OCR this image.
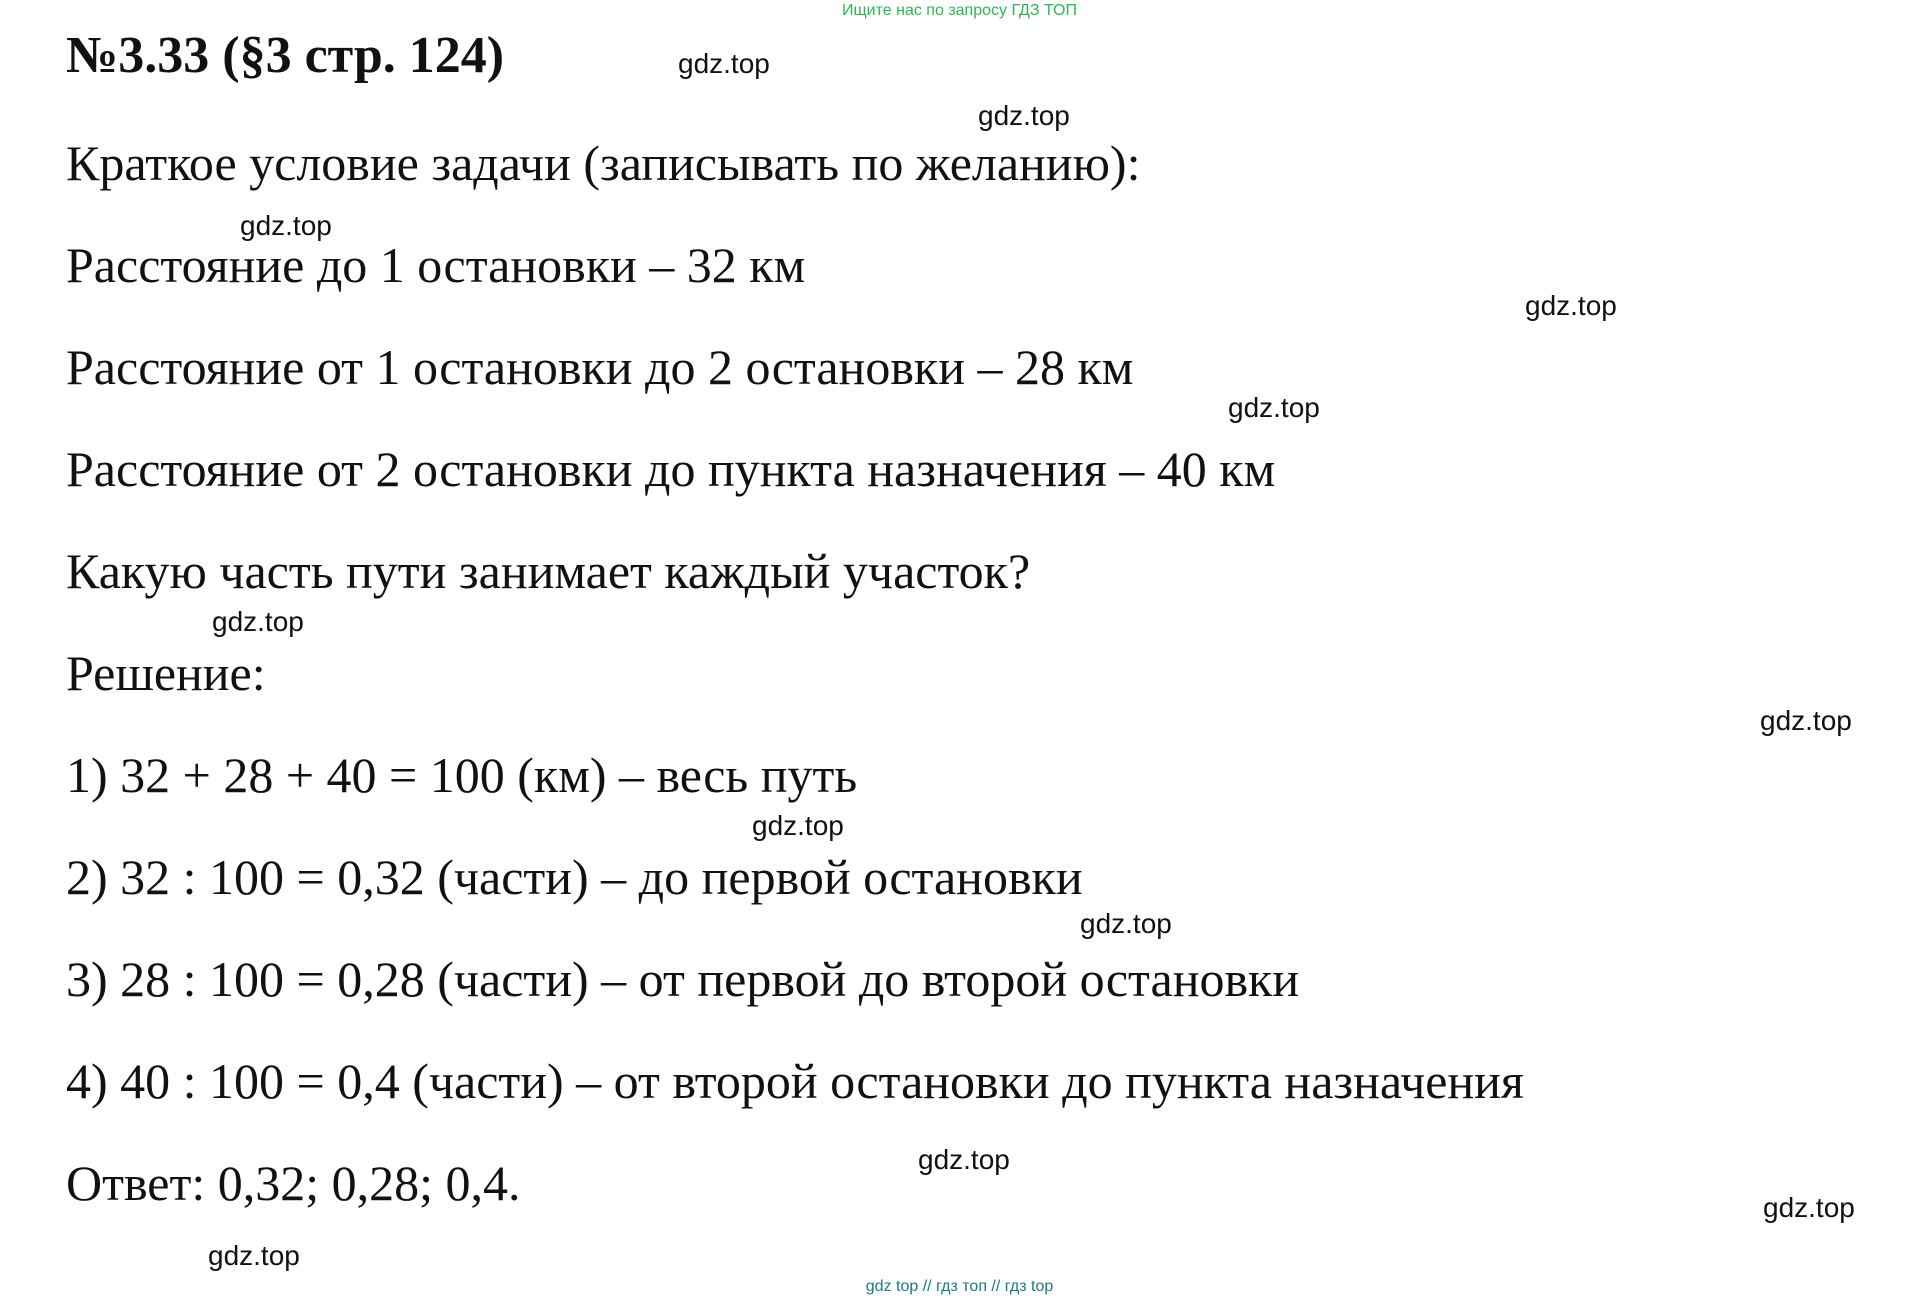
Ищите нас по запросу ГДЗ ТОП
№3.33 (§3 стр. 124)
Краткое условие задачи (записывать по желанию):
Расстояние до 1 остановки – 32 км
Расстояние от 1 остановки до 2 остановки – 28 км
Расстояние от 2 остановки до пункта назначения – 40 км
Какую часть пути занимает каждый участок?
Решение:
1) 32 + 28 + 40 = 100 (км) – весь путь
2) 32 : 100 = 0,32 (части) – до первой остановки
3) 28 : 100 = 0,28 (части) – от первой до второй остановки
4) 40 : 100 = 0,4 (части) – от второй остановки до пункта назначения
Ответ: 0,32; 0,28; 0,4.
gdz.top
gdz.top
gdz.top
gdz.top
gdz.top
gdz.top
gdz.top
gdz.top
gdz.top
gdz.top
gdz.top
gdz.top
gdz top // гдз топ // гдз top
